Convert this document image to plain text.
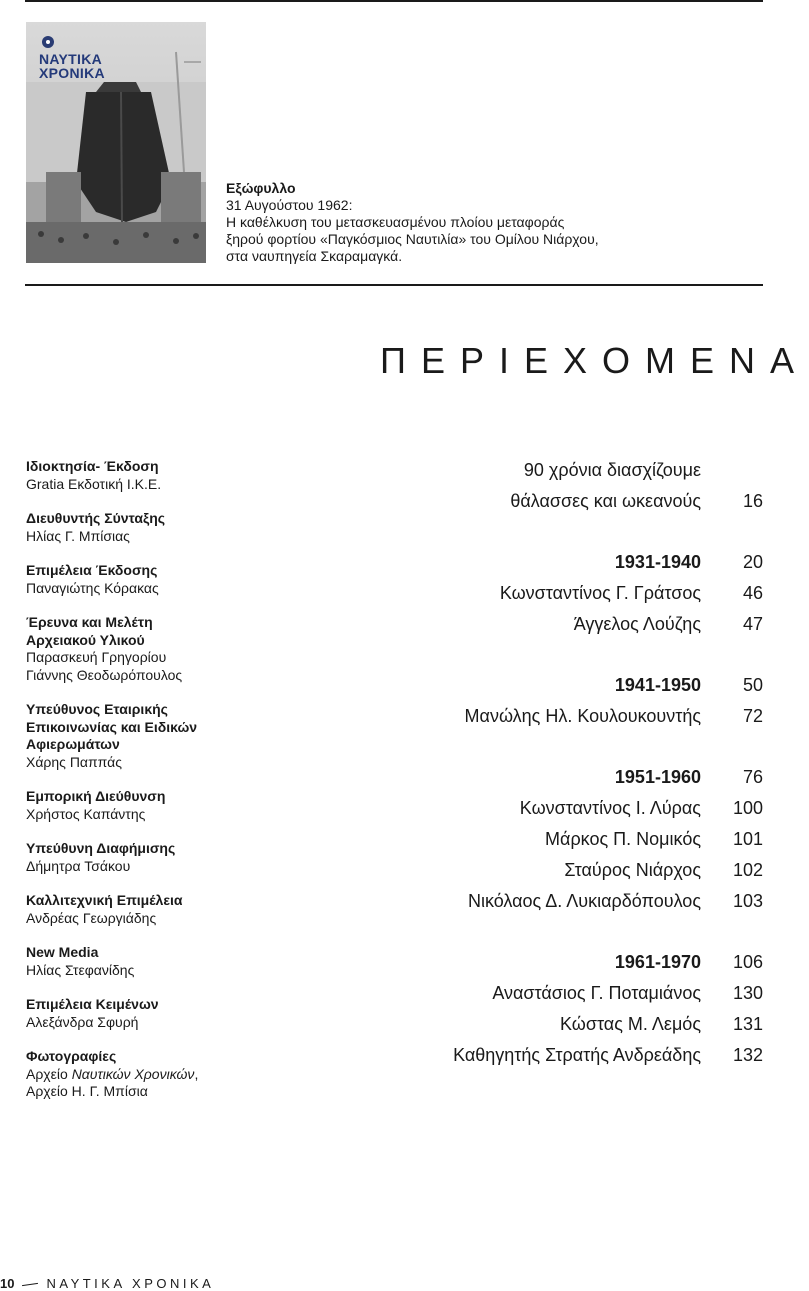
ΝΑΥΤΙΚΑ
ΧΡΟΝΙΚΑ
Εξώφυλλο
31 Αυγούστου 1962:
Η καθέλκυση του μετασκευασμένου πλοίου μεταφοράς
ξηρού φορτίου «Παγκόσμιος Ναυτιλία» του Ομίλου Νιάρχου,
στα ναυπηγεία Σκαραμαγκά.
ΠΕΡΙΕΧΟΜΕΝΑ
Ιδιοκτησία- Έκδοση
Gratia Εκδοτική Ι.Κ.Ε.
Διευθυντής Σύνταξης
Ηλίας Γ. Μπίσιας
Επιμέλεια Έκδοσης
Παναγιώτης Κόρακας
Έρευνα και Μελέτη
Αρχειακού Υλικού
Παρασκευή Γρηγορίου
Γιάννης Θεοδωρόπουλος
Υπεύθυνος Εταιρικής
Επικοινωνίας και Ειδικών
Αφιερωμάτων
Χάρης Παππάς
Εμπορική Διεύθυνση
Χρήστος Καπάντης
Υπεύθυνη Διαφήμισης
Δήμητρα Τσάκου
Καλλιτεχνική Επιμέλεια
Ανδρέας Γεωργιάδης
New Media
Ηλίας Στεφανίδης
Επιμέλεια Κειμένων
Αλεξάνδρα Σφυρή
Φωτογραφίες
Αρχείο Ναυτικών Χρονικών,
Αρχείο Η. Γ. Μπίσια
90 χρόνια διασχίζουμε
θάλασσες και ωκεανούς	16
1931-1940	20
Κωνσταντίνος Γ. Γράτσος	46
Άγγελος Λούζης	47
1941-1950	50
Μανώλης Ηλ. Κουλουκουντής	72
1951-1960	76
Κωνσταντίνος Ι. Λύρας	100
Μάρκος Π. Νομικός	101
Σταύρος Νιάρχος	102
Νικόλαος Δ. Λυκιαρδόπουλος	103
1961-1970	106
Αναστάσιος Γ. Ποταμιάνος	130
Κώστας Μ. Λεμός	131
Καθηγητής Στρατής Ανδρεάδης	132
10 ΝΑΥΤΙΚΑ ΧΡΟΝΙΚΑ
